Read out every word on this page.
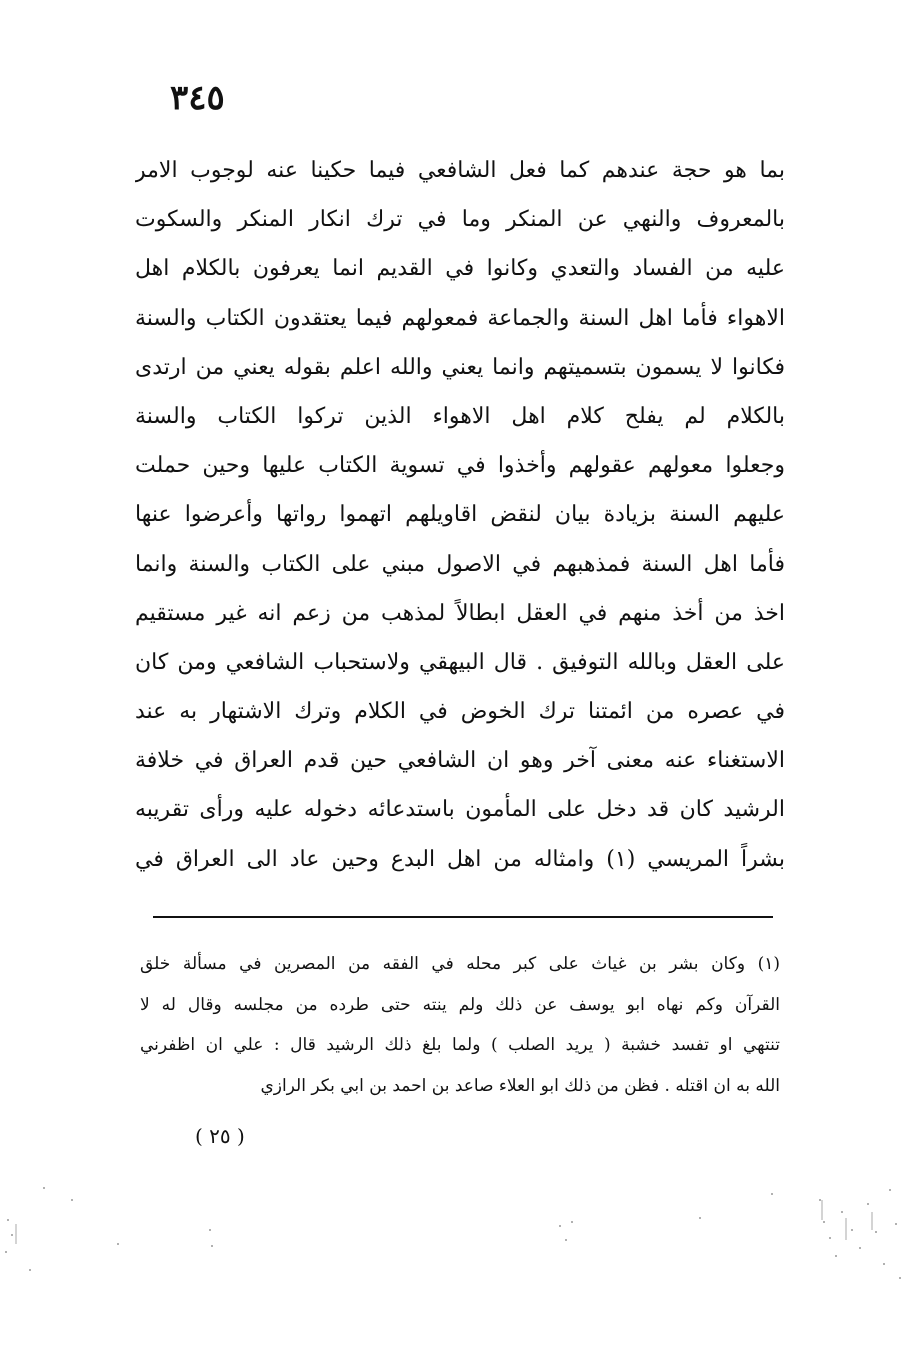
٣٤٥
بما هو حجة عندهم كما فعل الشافعي فيما حكينا عنه لوجوب الامر
بالمعروف والنهي عن المنكر وما في ترك انكار المنكر والسكوت
عليه من الفساد والتعدي وكانوا في القديم انما يعرفون بالكلام اهل
الاهواء فأما اهل السنة والجماعة فمعولهم فيما يعتقدون الكتاب والسنة
فكانوا لا يسمون بتسميتهم وانما يعني والله اعلم بقوله يعني من ارتدى
بالكلام لم يفلح كلام اهل الاهواء الذين تركوا الكتاب والسنة
وجعلوا معولهم عقولهم وأخذوا في تسوية الكتاب عليها وحين حملت
عليهم السنة بزيادة بيان لنقض اقاويلهم اتهموا رواتها وأعرضوا عنها
فأما اهل السنة فمذهبهم في الاصول مبني على الكتاب والسنة وانما
اخذ من أخذ منهم في العقل ابطالاً لمذهب من زعم انه غير مستقيم
على العقل وبالله التوفيق . قال البيهقي ولاستحباب الشافعي ومن كان
في عصره من ائمتنا ترك الخوض في الكلام وترك الاشتهار به عند
الاستغناء عنه معنى آخر وهو ان الشافعي حين قدم العراق في خلافة
الرشيد كان قد دخل على المأمون باستدعائه دخوله عليه ورأى تقريبه
بشراً المريسي (١) وامثاله من اهل البدع وحين عاد الى العراق في
(١) وكان بشر بن غياث على كبر محله في الفقه من المصرين في مسألة خلق
القرآن وكم نهاه ابو يوسف عن ذلك ولم ينته حتى طرده من مجلسه وقال له لا
تنتهي او تفسد خشبة ( يريد الصلب ) ولما بلغ ذلك الرشيد قال : علي ان اظفرني
الله به ان اقتله . فظن من ذلك ابو العلاء صاعد بن احمد بن ابي بكر الرازي
( ٢٥ )
